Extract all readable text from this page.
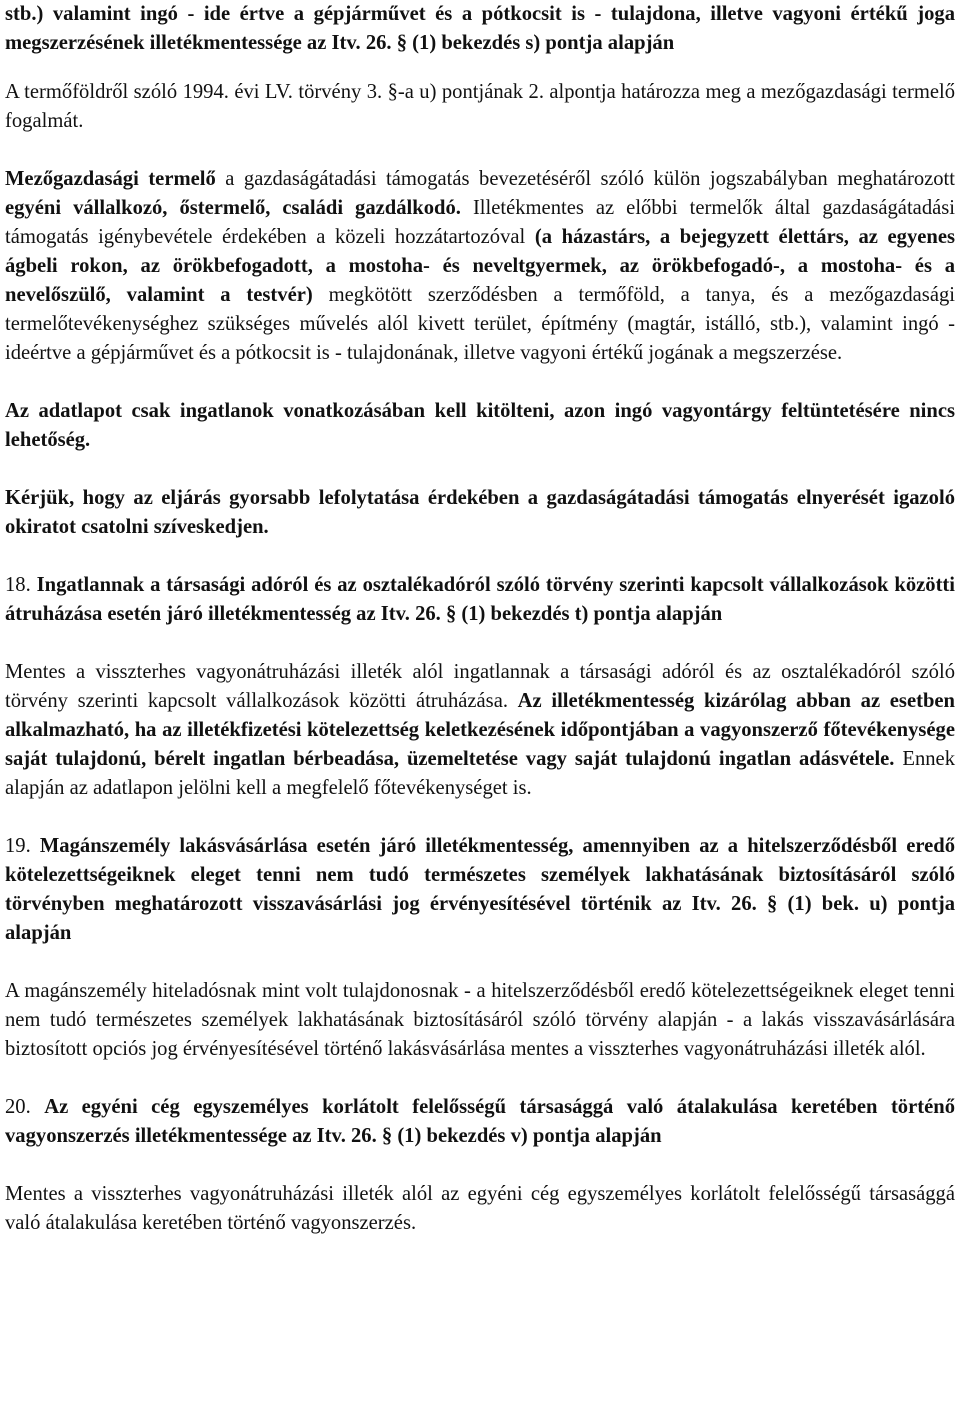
stb.) valamint ingó - ide értve a gépjárművet és a pótkocsit is - tulajdona, illetve vagyoni értékű joga megszerzésének illetékmentessége az Itv. 26. § (1) bekezdés s) pontja alapján

A termőföldről szóló 1994. évi LV. törvény 3. §-a u) pontjának 2. alpontja határozza meg a mezőgazdasági termelő fogalmát.

Mezőgazdasági termelő a gazdaságátadási támogatás bevezetéséről szóló külön jogszabályban meghatározott egyéni vállalkozó, őstermelő, családi gazdálkodó. Illetékmentes az előbbi termelők által gazdaságátadási támogatás igénybevétele érdekében a közeli hozzátartozóval (a házastárs, a bejegyzett élettárs, az egyenes ágbeli rokon, az örökbefogadott, a mostoha- és neveltgyermek, az örökbefogadó-, a mostoha- és a nevelőszülő, valamint a testvér) megkötött szerződésben a termőföld, a tanya, és a mezőgazdasági termelőtevékenységhez szükséges művelés alól kivett terület, építmény (magtár, istálló, stb.), valamint ingó - ideértve a gépjárművet és a pótkocsit is - tulajdonának, illetve vagyoni értékű jogának a megszerzése.

Az adatlapot csak ingatlanok vonatkozásában kell kitölteni, azon ingó vagyontárgy feltüntetésére nincs lehetőség.

Kérjük, hogy az eljárás gyorsabb lefolytatása érdekében a gazdaságátadási támogatás elnyerését igazoló okiratot csatolni szíveskedjen.

18. Ingatlannak a társasági adóról és az osztalékadóról szóló törvény szerinti kapcsolt vállalkozások közötti átruházása esetén járó illetékmentesség az Itv. 26. § (1) bekezdés t) pontja alapján

Mentes a visszterhes vagyonátruházási illeték alól ingatlannak a társasági adóról és az osztalékadóról szóló törvény szerinti kapcsolt vállalkozások közötti átruházása. Az illetékmentesség kizárólag abban az esetben alkalmazható, ha az illetékfizetési kötelezettség keletkezésének időpontjában a vagyonszerző főtevékenysége saját tulajdonú, bérelt ingatlan bérbeadása, üzemeltetése vagy saját tulajdonú ingatlan adásvétele. Ennek alapján az adatlapon jelölni kell a megfelelő főtevékenységet is.

19. Magánszemély lakásvásárlása esetén járó illetékmentesség, amennyiben az a hitelszerződésből eredő kötelezettségeiknek eleget tenni nem tudó természetes személyek lakhatásának biztosításáról szóló törvényben meghatározott visszavásárlási jog érvényesítésével történik az Itv. 26. § (1) bek. u) pontja alapján

A magánszemély hiteladósnak mint volt tulajdonosnak - a hitelszerződésből eredő kötelezettségeiknek eleget tenni nem tudó természetes személyek lakhatásának biztosításáról szóló törvény alapján - a lakás visszavásárlására biztosított opciós jog érvényesítésével történő lakásvásárlása mentes a visszterhes vagyonátruházási illeték alól.

20. Az egyéni cég egyszemélyes korlátolt felelősségű társasággá való átalakulása keretében történő vagyonszerzés illetékmentessége az Itv. 26. § (1) bekezdés v) pontja alapján

Mentes a visszterhes vagyonátruházási illeték alól az egyéni cég egyszemélyes korlátolt felelősségű társasággá való átalakulása keretében történő vagyonszerzés.
